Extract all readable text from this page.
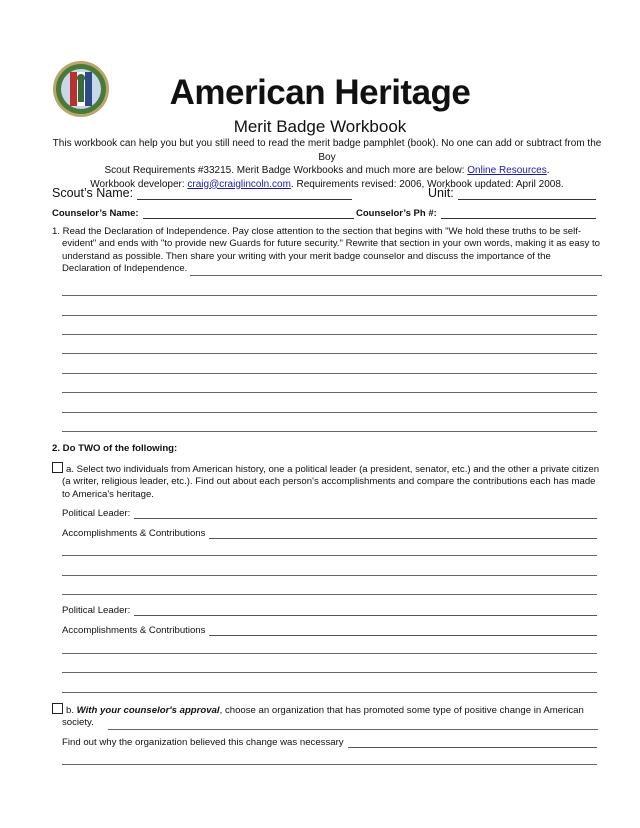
American Heritage
Merit Badge Workbook
This workbook can help you but you still need to read the merit badge pamphlet (book). No one can add or subtract from the Boy
Scout Requirements #33215. Merit Badge Workbooks and much more are below: Online Resources.
Workbook developer: craig@craiglincoln.com. Requirements revised: 2006, Workbook updated: April 2008.
Scout’s Name:	Unit:
Counselor’s Name:	Counselor’s Ph #:
1. Read the Declaration of Independence. Pay close attention to the section that begins with "We hold these truths to be self-
evident" and ends with "to provide new Guards for future security." Rewrite that section in your own words, making it as easy to
understand as possible. Then share your writing with your merit badge counselor and discuss the importance of the
Declaration of Independence.
2. Do TWO of the following:
a. Select two individuals from American history, one a political leader (a president, senator, etc.) and the other a private citizen
(a writer, religious leader, etc.). Find out about each person's accomplishments and compare the contributions each has made
to America's heritage.
Political Leader:
Accomplishments & Contributions
Political Leader:
Accomplishments & Contributions
b. With your counselor's approval, choose an organization that has promoted some type of positive change in American
society.
Find out why the organization believed this change was necessary
